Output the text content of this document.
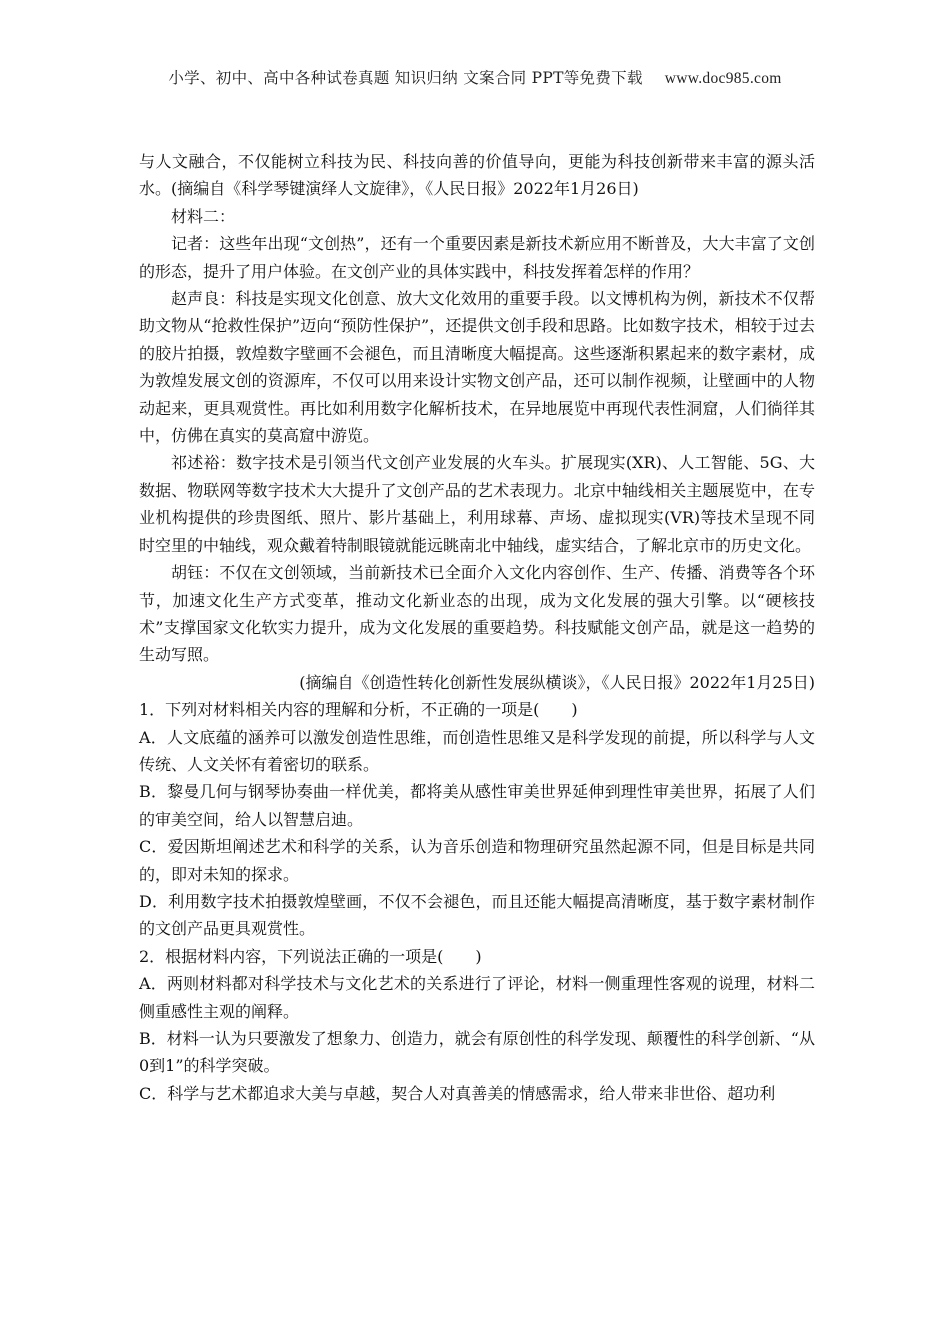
小学、初中、高中各种试卷真题 知识归纳 文案合同 PPT等免费下载 www.doc985.com

与人文融合，不仅能树立科技为民、科技向善的价值导向，更能为科技创新带来丰富的源头活水。(摘编自《科学琴键演绎人文旋律》，《人民日报》2022年1月26日)

材料二：

记者：这些年出现“文创热”，还有一个重要因素是新技术新应用不断普及，大大丰富了文创的形态，提升了用户体验。在文创产业的具体实践中，科技发挥着怎样的作用？

赵声良：科技是实现文化创意、放大文化效用的重要手段。以文博机构为例，新技术不仅帮助文物从“抢救性保护”迈向“预防性保护”，还提供文创手段和思路。比如数字技术，相较于过去的胶片拍摄，敦煌数字壁画不会褪色，而且清晰度大幅提高。这些逐渐积累起来的数字素材，成为敦煌发展文创的资源库，不仅可以用来设计实物文创产品，还可以制作视频，让壁画中的人物动起来，更具观赏性。再比如利用数字化解析技术，在异地展览中再现代表性洞窟，人们徜徉其中，仿佛在真实的莫高窟中游览。

祁述裕：数字技术是引领当代文创产业发展的火车头。扩展现实(XR)、人工智能、5G、大数据、物联网等数字技术大大提升了文创产品的艺术表现力。北京中轴线相关主题展览中，在专业机构提供的珍贵图纸、照片、影片基础上，利用球幕、声场、虚拟现实(VR)等技术呈现不同时空里的中轴线，观众戴着特制眼镜就能远眺南北中轴线，虚实结合，了解北京市的历史文化。

胡钰：不仅在文创领域，当前新技术已全面介入文化内容创作、生产、传播、消费等各个环节，加速文化生产方式变革，推动文化新业态的出现，成为文化发展的强大引擎。以“硬核技术”支撑国家文化软实力提升，成为文化发展的重要趋势。科技赋能文创产品，就是这一趋势的生动写照。

(摘编自《创造性转化创新性发展纵横谈》，《人民日报》2022年1月25日)

1．下列对材料相关内容的理解和分析，不正确的一项是(　　)

A．人文底蕴的涵养可以激发创造性思维，而创造性思维又是科学发现的前提，所以科学与人文传统、人文关怀有着密切的联系。

B．黎曼几何与钢琴协奏曲一样优美，都将美从感性审美世界延伸到理性审美世界，拓展了人们的审美空间，给人以智慧启迪。

C．爱因斯坦阐述艺术和科学的关系，认为音乐创造和物理研究虽然起源不同，但是目标是共同的，即对未知的探求。

D．利用数字技术拍摄敦煌壁画，不仅不会褪色，而且还能大幅提高清晰度，基于数字素材制作的文创产品更具观赏性。

2．根据材料内容，下列说法正确的一项是(　　)

A．两则材料都对科学技术与文化艺术的关系进行了评论，材料一侧重理性客观的说理，材料二侧重感性主观的阐释。

B．材料一认为只要激发了想象力、创造力，就会有原创性的科学发现、颠覆性的科学创新、“从0到1”的科学突破。

C．科学与艺术都追求大美与卓越，契合人对真善美的情感需求，给人带来非世俗、超功利
